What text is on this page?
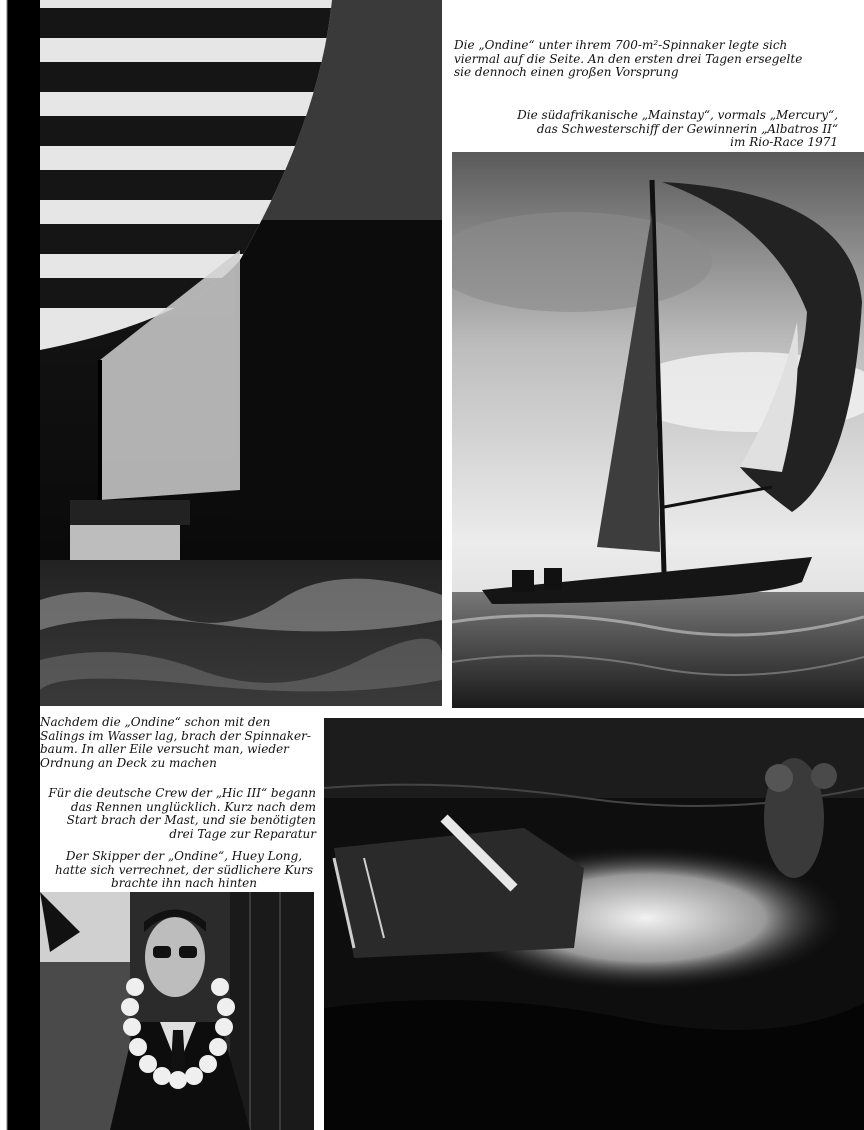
Die „Ondine“ unter ihrem 700-m²-Spinnaker legte sich
viermal auf die Seite. An den ersten drei Tagen ersegelte
sie dennoch einen großen Vorsprung

Die südafrikanische „Mainstay“, vormals „Mercury“,
das Schwesterschiff der Gewinnerin „Albatros II“
im Rio-Race 1971

Nachdem die „Ondine“ schon mit den
Salings im Wasser lag, brach der Spinnaker-
baum. In aller Eile versucht man, wieder
Ordnung an Deck zu machen

Für die deutsche Crew der „Hic III“ begann
das Rennen unglücklich. Kurz nach dem
Start brach der Mast, und sie benötigten
drei Tage zur Reparatur

Der Skipper der „Ondine“, Huey Long,
hatte sich verrechnet, der südlichere Kurs
brachte ihn nach hinten
